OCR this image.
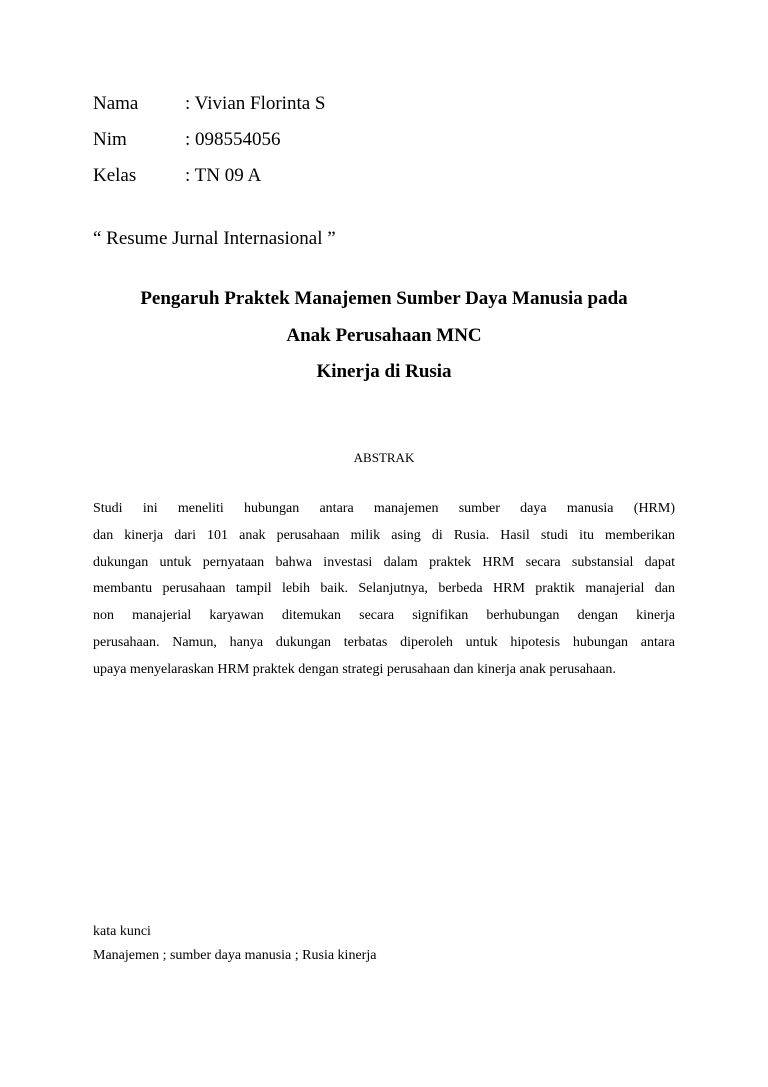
Nama : Vivian Florinta S
Nim	: 098554056
Kelas	: TN 09 A
“ Resume Jurnal Internasional ”
Pengaruh Praktek Manajemen Sumber Daya Manusia pada
Anak Perusahaan MNC
Kinerja di Rusia
ABSTRAK
Studi ini meneliti hubungan antara manajemen sumber daya manusia (HRM)
dan kinerja dari 101 anak perusahaan milik asing di Rusia. Hasil studi itu memberikan
dukungan untuk pernyataan bahwa investasi dalam praktek HRM secara substansial dapat
membantu perusahaan tampil lebih baik. Selanjutnya, berbeda HRM praktik manajerial dan
non manajerial karyawan ditemukan secara signifikan berhubungan dengan kinerja
perusahaan. Namun, hanya dukungan terbatas diperoleh untuk hipotesis hubungan antara
upaya menyelaraskan HRM praktek dengan strategi perusahaan dan kinerja anak perusahaan.
kata kunci
Manajemen ; sumber daya manusia ; Rusia kinerja
